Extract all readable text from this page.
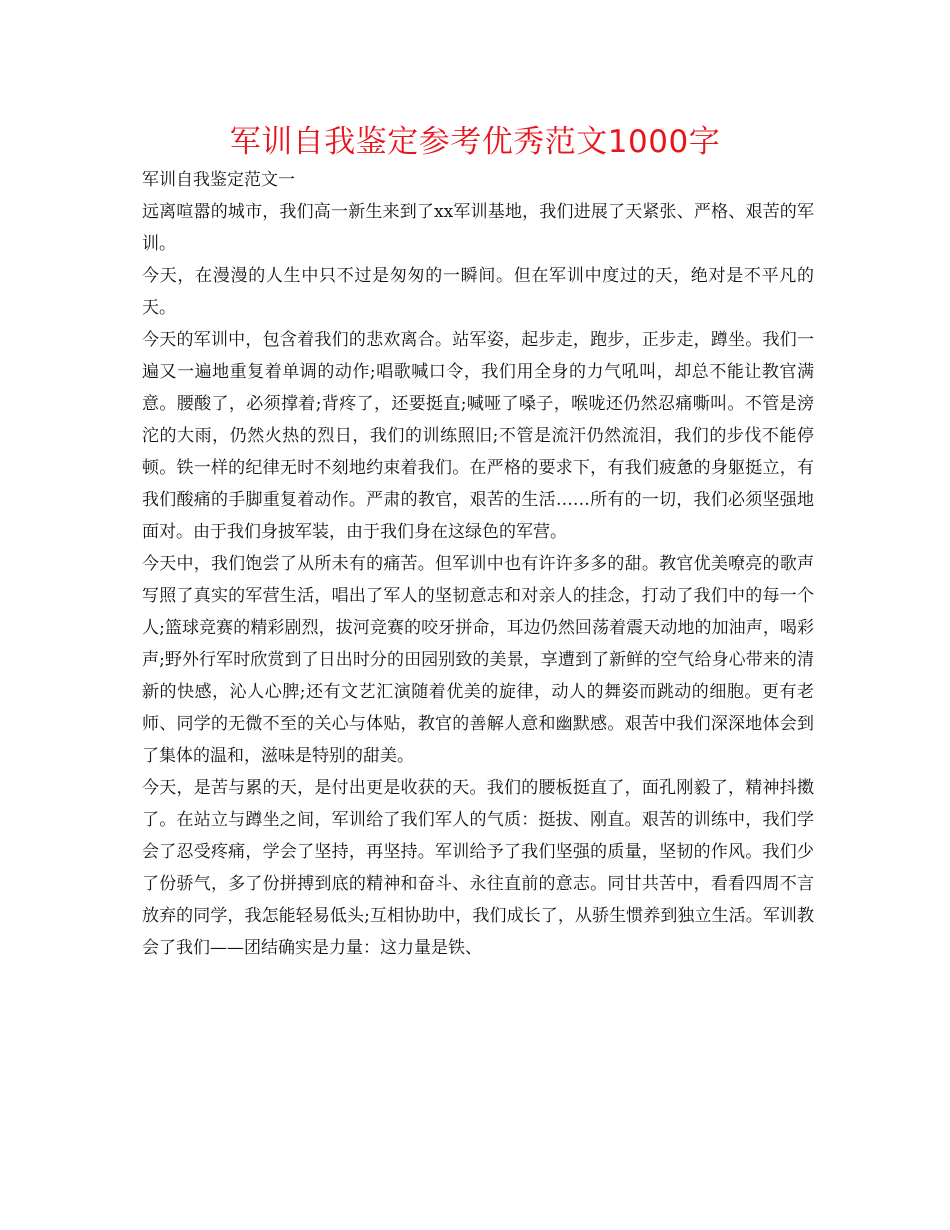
军训自我鉴定参考优秀范文1000字

军训自我鉴定范文一

远离喧嚣的城市，我们高一新生来到了xx军训基地，我们进展了天紧张、严格、艰苦的军训。

今天，在漫漫的人生中只不过是匆匆的一瞬间。但在军训中度过的天，绝对是不平凡的天。

今天的军训中，包含着我们的悲欢离合。站军姿，起步走，跑步，正步走，蹲坐。我们一遍又一遍地重复着单调的动作;唱歌喊口令，我们用全身的力气吼叫，却总不能让教官满意。腰酸了，必须撑着;背疼了，还要挺直;喊哑了嗓子，喉咙还仍然忍痛嘶叫。不管是滂沱的大雨，仍然火热的烈日，我们的训练照旧;不管是流汗仍然流泪，我们的步伐不能停顿。铁一样的纪律无时不刻地约束着我们。在严格的要求下，有我们疲惫的身躯挺立，有我们酸痛的手脚重复着动作。严肃的教官，艰苦的生活……所有的一切，我们必须坚强地面对。由于我们身披军装，由于我们身在这绿色的军营。

今天中，我们饱尝了从所未有的痛苦。但军训中也有许许多多的甜。教官优美嘹亮的歌声写照了真实的军营生活，唱出了军人的坚韧意志和对亲人的挂念，打动了我们中的每一个人;篮球竞赛的精彩剧烈，拔河竞赛的咬牙拼命，耳边仍然回荡着震天动地的加油声，喝彩声;野外行军时欣赏到了日出时分的田园别致的美景，享遭到了新鲜的空气给身心带来的清新的快感，沁人心脾;还有文艺汇演随着优美的旋律，动人的舞姿而跳动的细胞。更有老师、同学的无微不至的关心与体贴，教官的善解人意和幽默感。艰苦中我们深深地体会到了集体的温和，滋味是特别的甜美。

今天，是苦与累的天，是付出更是收获的天。我们的腰板挺直了，面孔刚毅了，精神抖擞了。在站立与蹲坐之间，军训给了我们军人的气质：挺拔、刚直。艰苦的训练中，我们学会了忍受疼痛，学会了坚持，再坚持。军训给予了我们坚强的质量，坚韧的作风。我们少了份骄气，多了份拼搏到底的精神和奋斗、永往直前的意志。同甘共苦中，看看四周不言放弃的同学，我怎能轻易低头;互相协助中，我们成长了，从骄生惯养到独立生活。军训教会了我们——团结确实是力量：这力量是铁、
